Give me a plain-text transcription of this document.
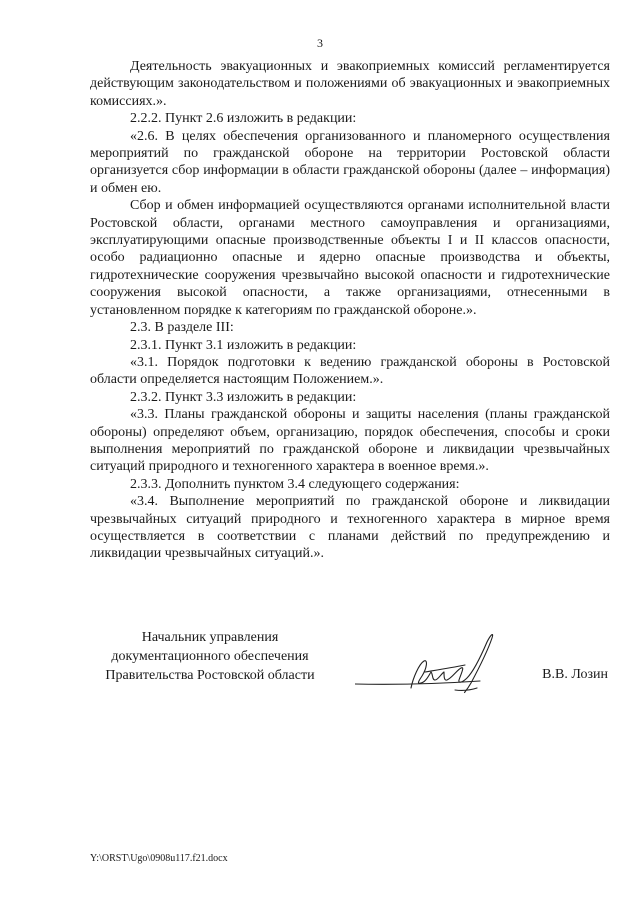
3

Деятельность эвакуационных и эвакоприемных комиссий регламентируется действующим законодательством и положениями об эвакуационных и эвакоприемных комиссиях.».

2.2.2. Пункт 2.6 изложить в редакции:

«2.6. В целях обеспечения организованного и планомерного осуществления мероприятий по гражданской обороне на территории Ростовской области организуется сбор информации в области гражданской обороны (далее – информация) и обмен ею.

Сбор и обмен информацией осуществляются органами исполнительной власти Ростовской области, органами местного самоуправления и организациями, эксплуатирующими опасные производственные объекты I и II классов опасности, особо радиационно опасные и ядерно опасные производства и объекты, гидротехнические сооружения чрезвычайно высокой опасности и гидротехнические сооружения высокой опасности, а также организациями, отнесенными в установленном порядке к категориям по гражданской обороне.».

2.3. В разделе III:

2.3.1. Пункт 3.1 изложить в редакции:

«3.1. Порядок подготовки к ведению гражданской обороны в Ростовской области определяется настоящим Положением.».

2.3.2. Пункт 3.3 изложить в редакции:

«3.3. Планы гражданской обороны и защиты населения (планы гражданской обороны) определяют объем, организацию, порядок обеспечения, способы и сроки выполнения мероприятий по гражданской обороне и ликвидации чрезвычайных ситуаций природного и техногенного характера в военное время.».

2.3.3. Дополнить пунктом 3.4 следующего содержания:

«3.4. Выполнение мероприятий по гражданской обороне и ликвидации чрезвычайных ситуаций природного и техногенного характера в мирное время осуществляется в соответствии с планами действий по предупреждению и ликвидации чрезвычайных ситуаций.».

Начальник управления
документационного обеспечения
Правительства Ростовской области	В.В. Лозин
Y:\ORST\Ugo\0908u117.f21.docx
